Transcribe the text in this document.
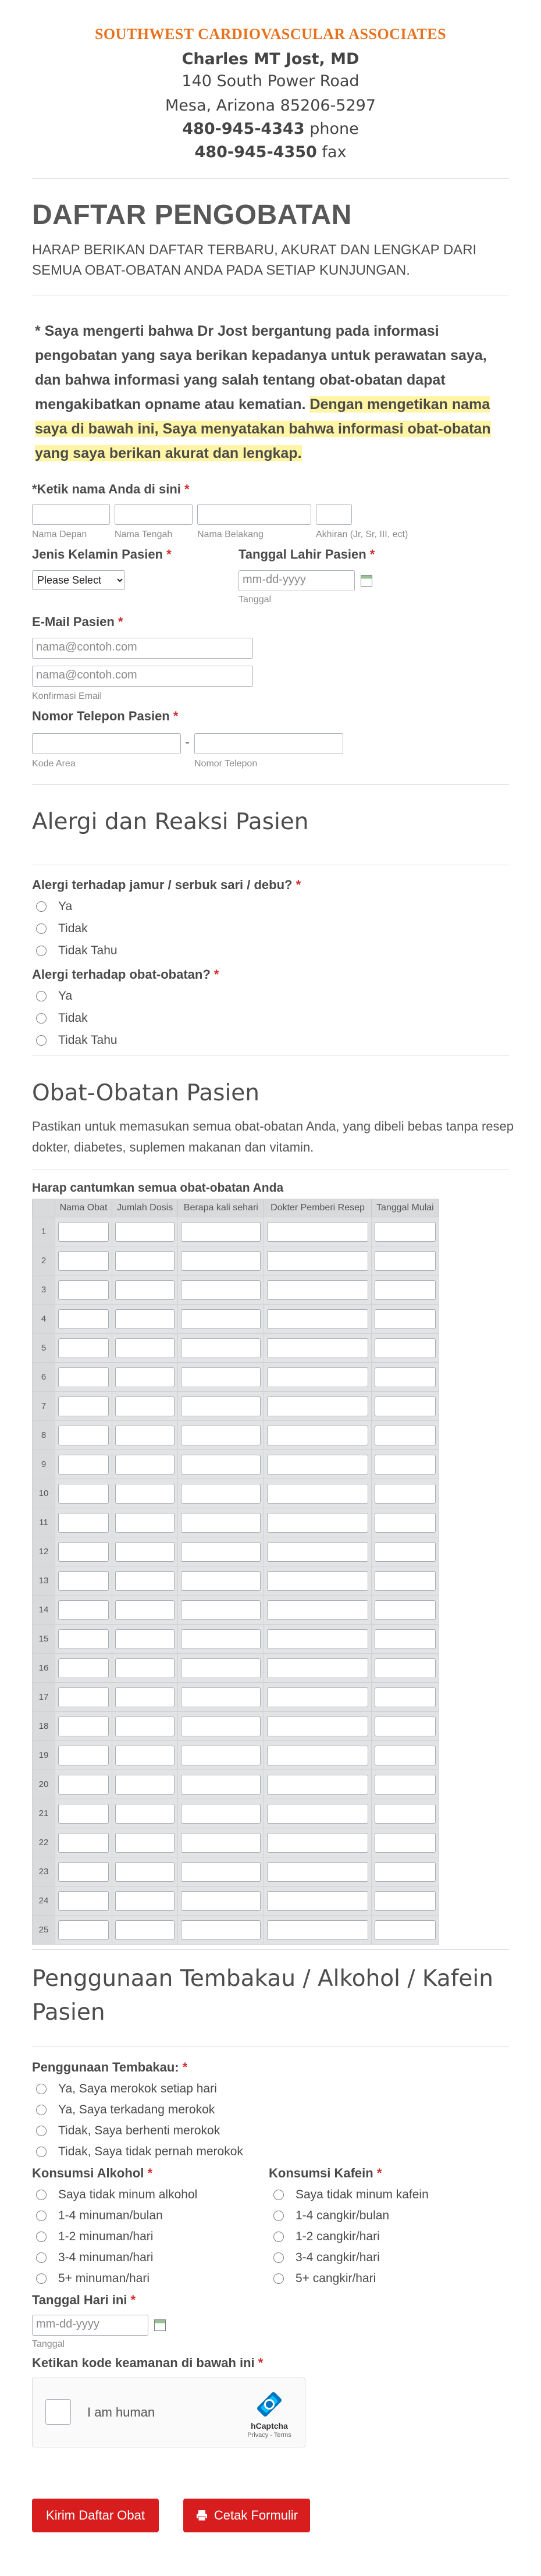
SOUTHWEST CARDIOVASCULAR ASSOCIATES
Charles MT Jost, MD
140 South Power Road
Mesa, Arizona 85206-5297
480-945-4343 phone
480-945-4350 fax
DAFTAR PENGOBATAN
HARAP BERIKAN DAFTAR TERBARU, AKURAT DAN LENGKAP DARI SEMUA OBAT-OBATAN ANDA PADA SETIAP KUNJUNGAN.
* Saya mengerti bahwa Dr Jost bergantung pada informasi pengobatan yang saya berikan kepadanya untuk perawatan saya, dan bahwa informasi yang salah tentang obat-obatan dapat mengakibatkan opname atau kematian. Dengan mengetikan nama saya di bawah ini, Saya menyatakan bahwa informasi obat-obatan yang saya berikan akurat dan lengkap.
*Ketik nama Anda di sini *
Nama Depan	Nama Tengah	Nama Belakang	Akhiran (Jr, Sr, III, ect)
Jenis Kelamin Pasien *
Please Select	Tanggal Lahir Pasien *
mm-dd-yyyy
Tanggal
E-Mail Pasien *
nama@contoh.com
nama@contoh.com
Konfirmasi Email
Nomor Telepon Pasien *
-
Kode Area	Nomor Telepon
Alergi dan Reaksi Pasien
Alergi terhadap jamur / serbuk sari / debu? *
Ya
Tidak
Tidak Tahu
Alergi terhadap obat-obatan? *
Ya
Tidak
Tidak Tahu
Obat-Obatan Pasien
Pastikan untuk memasukan semua obat-obatan Anda, yang dibeli bebas tanpa resep dokter, diabetes, suplemen makanan dan vitamin.
Harap cantumkan semua obat-obatan Anda
	Nama Obat	Jumlah Dosis	Berapa kali sehari	Dokter Pemberi Resep	Tanggal Mulai
1	

2	

3	

4	

5	

6	

7	

8	

9	

10	

11	

12	

13	

14	

15	

16	

17	

18	

19	

20	

21	

22	

23	

24	

25	

Penggunaan Tembakau / Alkohol / Kafein Pasien
Penggunaan Tembakau: *
Ya, Saya merokok setiap hari
Ya, Saya terkadang merokok
Tidak, Saya berhenti merokok
Tidak, Saya tidak pernah merokok
Konsumsi Alkohol *
Saya tidak minum alkohol
1-4 minuman/bulan
1-2 minuman/hari
3-4 minuman/hari
5+ minuman/hari
Konsumsi Kafein *
Saya tidak minum kafein
1-4 cangkir/bulan
1-2 cangkir/hari
3-4 cangkir/hari
5+ cangkir/hari
Tanggal Hari ini *
mm-dd-yyyy
Tanggal
Ketikan kode keamanan di bawah ini *
I am human
hCaptcha
Privacy - Terms
Kirim Daftar Obat	Cetak Formulir
